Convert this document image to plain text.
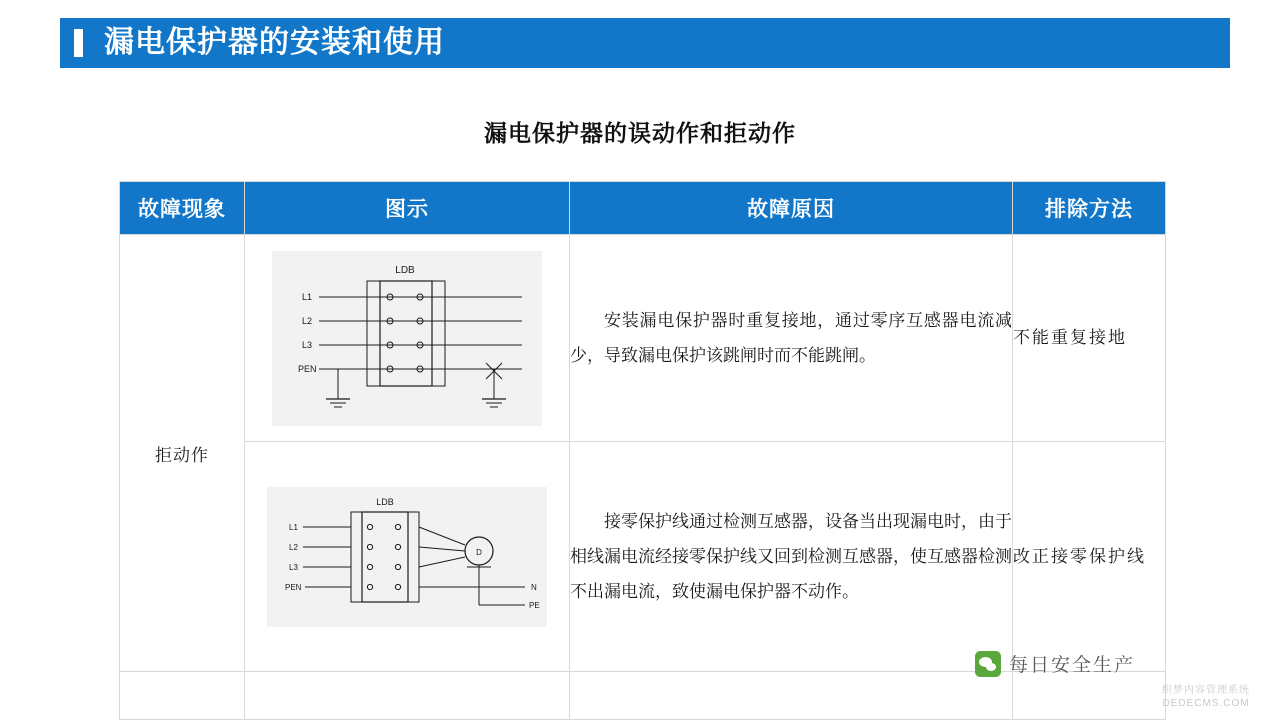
漏电保护器的安装和使用
漏电保护器的误动作和拒动作
故障现象	图示	故障原因	排除方法
拒动作	LDB
L1
L2
L3
PEN	安装漏电保护器时重复接地，通过零序互感器电流减少，导致漏电保护该跳闸时而不能跳闸。	不能重复接地

LDB
L1
L2
L3
PEN
D
N
PE
	接零保护线通过检测互感器，设备当出现漏电时，由于相线漏电流经接零保护线又回到检测互感器，使互感器检测不出漏电流，致使漏电保护器不动作。	改正接零保护线

每日安全生产
织梦内容管理系统
DEDECMS.COM
